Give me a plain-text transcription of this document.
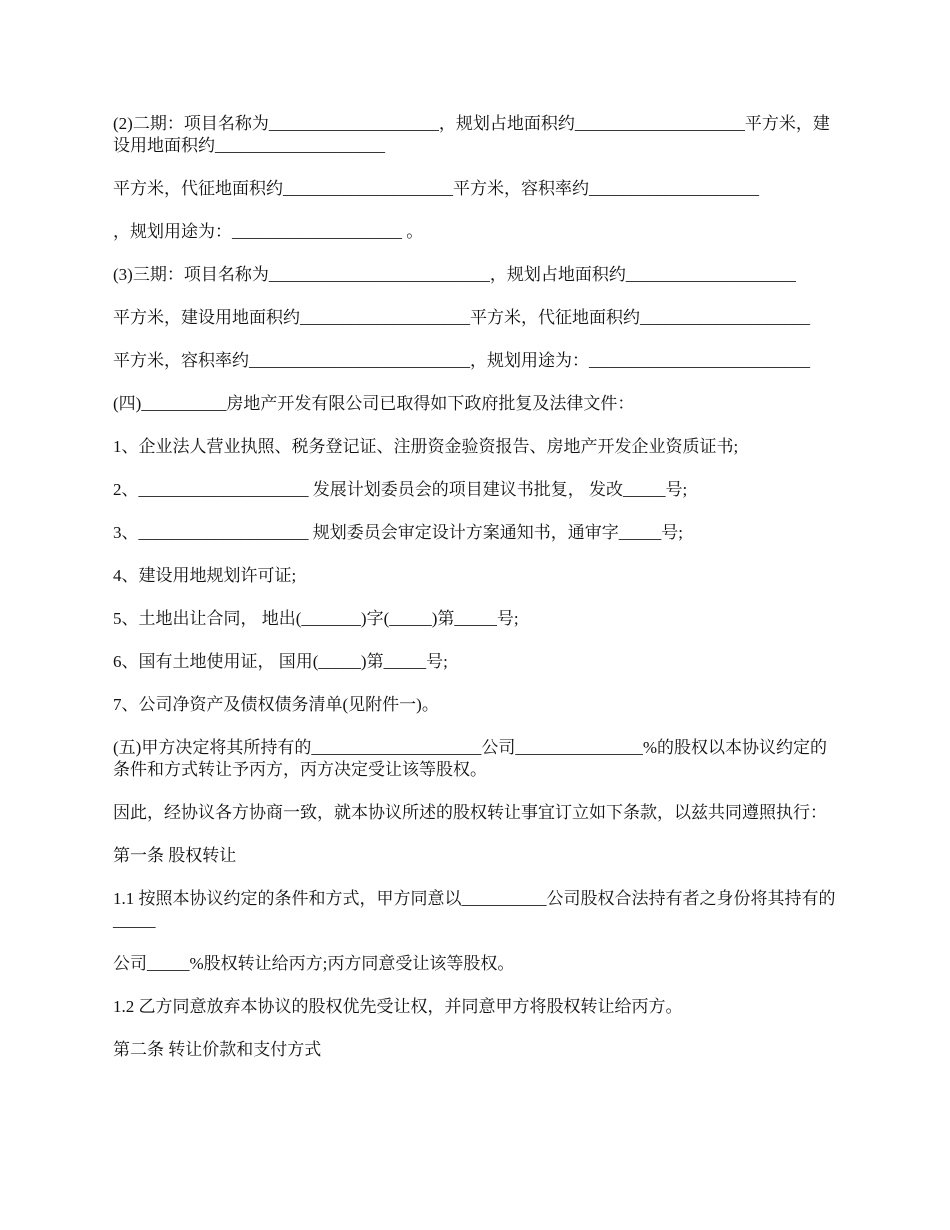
(2)二期：项目名称为____________________，规划占地面积约____________________平方米，建设用地面积约____________________

平方米，代征地面积约____________________平方米，容积率约____________________

，规划用途为：____________________ 。

(3)三期：项目名称为__________________________，规划占地面积约____________________

平方米，建设用地面积约____________________平方米，代征地面积约____________________

平方米，容积率约__________________________，规划用途为：__________________________

(四)__________房地产开发有限公司已取得如下政府批复及法律文件：

1、企业法人营业执照、税务登记证、注册资金验资报告、房地产开发企业资质证书;

2、____________________ 发展计划委员会的项目建议书批复， 发改_____号;

3、____________________ 规划委员会审定设计方案通知书，通审字_____号;

4、建设用地规划许可证;

5、土地出让合同， 地出(_______)字(_____)第_____号;

6、国有土地使用证， 国用(_____)第_____号;

7、公司净资产及债权债务清单(见附件一)。

(五)甲方决定将其所持有的____________________公司_______________%的股权以本协议约定的条件和方式转让予丙方，丙方决定受让该等股权。

因此，经协议各方协商一致，就本协议所述的股权转让事宜订立如下条款，以兹共同遵照执行：

第一条 股权转让

1.1 按照本协议约定的条件和方式，甲方同意以__________公司股权合法持有者之身份将其持有的_____

公司_____%股权转让给丙方;丙方同意受让该等股权。

1.2 乙方同意放弃本协议的股权优先受让权，并同意甲方将股权转让给丙方。

第二条 转让价款和支付方式
